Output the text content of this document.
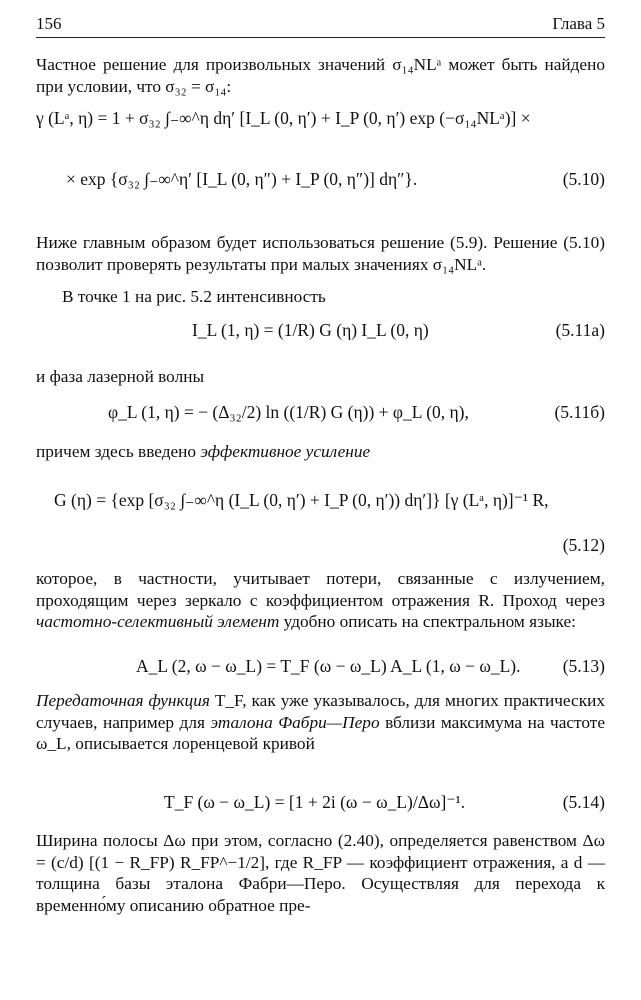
156	Глава 5
Частное решение для произвольных значений σ₁₄NLᵃ может быть найдено при условии, что σ₃₂ = σ₁₄:
γ (Lᵃ, η) = 1 + σ₃₂ ∫₋∞^η dη′ [I_L (0, η′) + I_P (0, η′) exp (−σ₁₄NLᵃ)] ×
× exp {σ₃₂ ∫₋∞^η′ [I_L (0, η″) + I_P (0, η″)] dη″}.	(5.10)
Ниже главным образом будет использоваться решение (5.9). Решение (5.10) позволит проверять результаты при малых значениях σ₁₄NLᵃ.
В точке 1 на рис. 5.2 интенсивность
I_L (1, η) = (1/R) G (η) I_L (0, η)	(5.11a)
и фаза лазерной волны
φ_L (1, η) = − (Δ₃₂/2) ln ((1/R) G (η)) + φ_L (0, η),	(5.11б)
причем здесь введено эффективное усиление
G (η) = {exp [σ₃₂ ∫₋∞^η (I_L (0, η′) + I_P (0, η′)) dη′]} [γ (Lᵃ, η)]⁻¹ R,
(5.12)
которое, в частности, учитывает потери, связанные с излучением, проходящим через зеркало с коэффициентом отражения R. Проход через частотно-селективный элемент удобно описать на спектральном языке:
A_L (2, ω − ω_L) = T_F (ω − ω_L) A_L (1, ω − ω_L). (5.13)
Передаточная функция T_F, как уже указывалось, для многих практических случаев, например для эталона Фабри—Перо вблизи максимума на частоте ω_L, описывается лоренцевой кривой
T_F (ω − ω_L) = [1 + 2i (ω − ω_L)/Δω]⁻¹.	(5.14)
Ширина полосы Δω при этом, согласно (2.40), определяется равенством Δω = (c/d) [(1 − R_FP) R_FP^−1/2], где R_FP — коэффициент отражения, а d — толщина базы эталона Фабри—Перо. Осуществляя для перехода к временно́му описанию обратное пре-
